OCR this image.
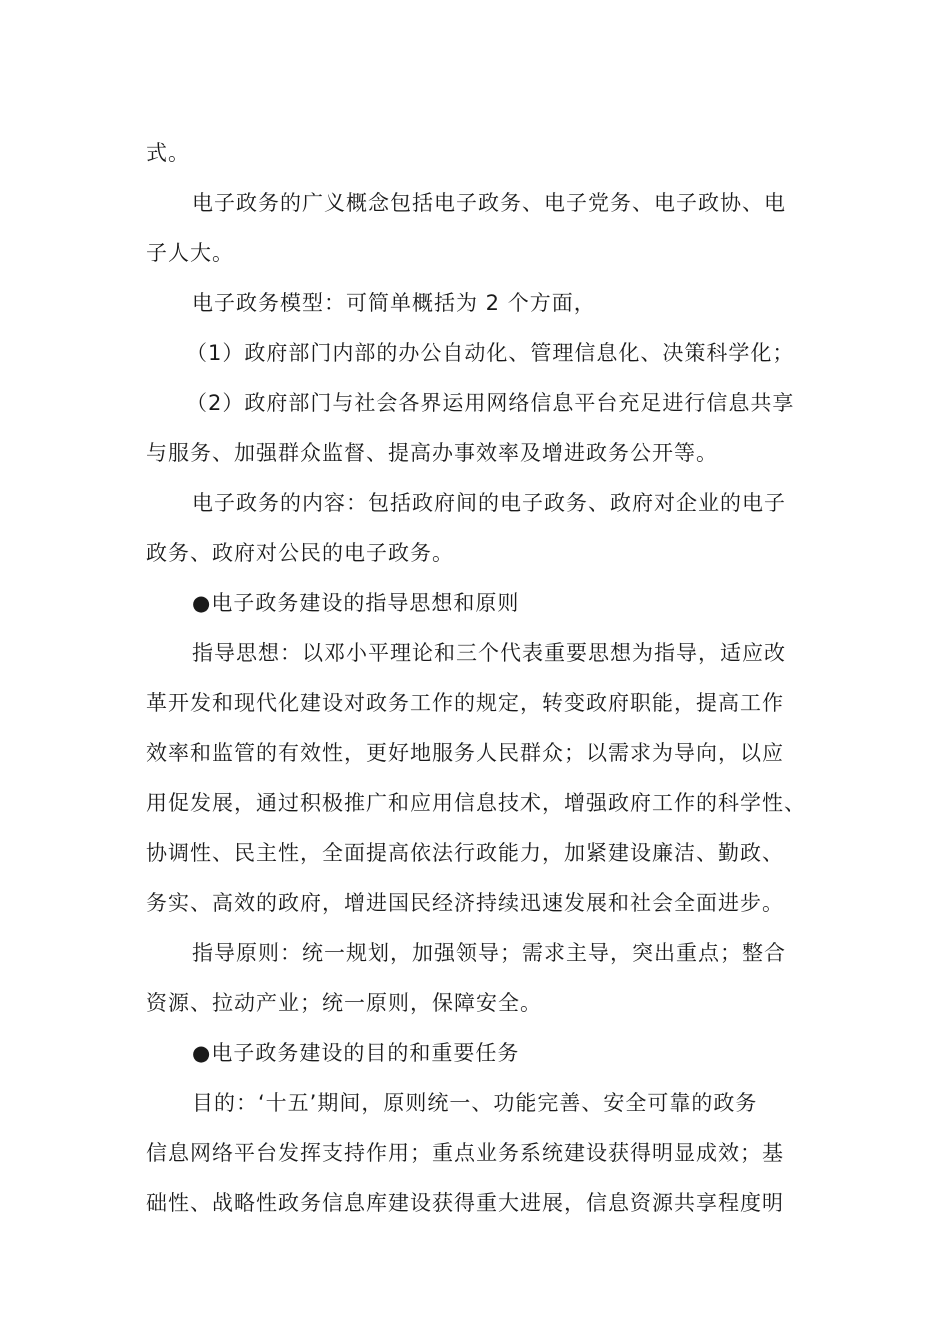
式。
电子政务的广义概念包括电子政务、电子党务、电子政协、电
子人大。
电子政务模型：可简单概括为 2 个方面，
（1）政府部门内部的办公自动化、管理信息化、决策科学化；
（2）政府部门与社会各界运用网络信息平台充足进行信息共享
与服务、加强群众监督、提高办事效率及增进政务公开等。
电子政务的内容：包括政府间的电子政务、政府对企业的电子
政务、政府对公民的电子政务。
●电子政务建设的指导思想和原则
指导思想：以邓小平理论和三个代表重要思想为指导，适应改
革开发和现代化建设对政务工作的规定，转变政府职能，提高工作
效率和监管的有效性，更好地服务人民群众；以需求为导向，以应
用促发展，通过积极推广和应用信息技术，增强政府工作的科学性、
协调性、民主性，全面提高依法行政能力，加紧建设廉洁、勤政、
务实、高效的政府，增进国民经济持续迅速发展和社会全面进步。
指导原则：统一规划，加强领导；需求主导，突出重点；整合
资源、拉动产业；统一原则，保障安全。
●电子政务建设的目的和重要任务
目的：‘十五’期间，原则统一、功能完善、安全可靠的政务
信息网络平台发挥支持作用；重点业务系统建设获得明显成效；基
础性、战略性政务信息库建设获得重大进展，信息资源共享程度明
